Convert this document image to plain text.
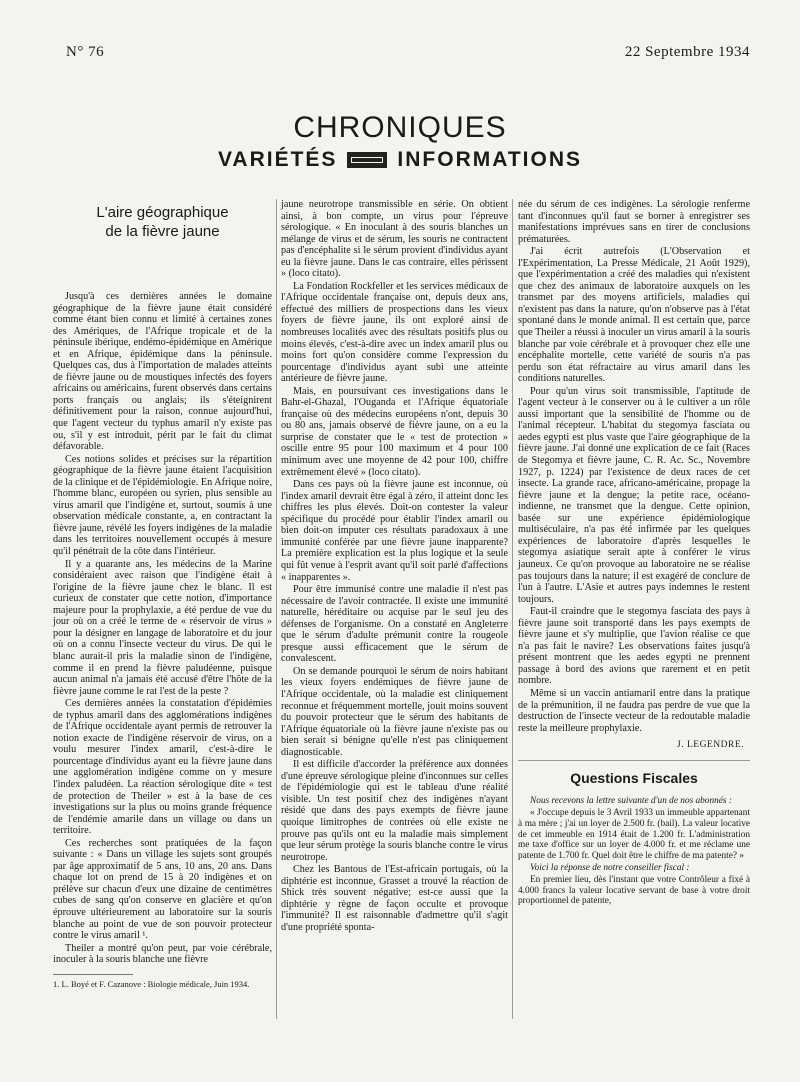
N° 76	22 Septembre 1934
CHRONIQUES
VARIÉTÉS	INFORMATIONS
L'aire géographique
de la fièvre jaune

Jusqu'à ces dernières années le domaine géographique de la fièvre jaune était considéré comme étant bien connu et limité à certaines zones des Amériques, de l'Afrique tropicale et de la péninsule ibérique, endémo-épidémique en Amérique et en Afrique, épidémique dans la péninsule. Quelques cas, dus à l'importation de malades atteints de fièvre jaune ou de moustiques infectés des foyers africains ou américains, furent observés dans certains ports français ou anglais; ils s'éteignirent définitivement pour la raison, connue aujourd'hui, que l'agent vecteur du typhus amaril n'y existe pas ou, s'il y est introduit, périt par le fait du climat défavorable.

Ces notions solides et précises sur la répartition géographique de la fièvre jaune étaient l'acquisition de la clinique et de l'épidémiologie. En Afrique noire, l'homme blanc, européen ou syrien, plus sensible au virus amaril que l'indigène et, surtout, soumis à une observation médicale constante, a, en contractant la fièvre jaune, révélé les foyers indigènes de la maladie dans les territoires nouvellement occupés à mesure qu'il pénétrait de la côte dans l'intérieur.

Il y a quarante ans, les médecins de la Marine considéraient avec raison que l'indigène était à l'origine de la fièvre jaune chez le blanc. Il est curieux de constater que cette notion, d'importance majeure pour la prophylaxie, a été perdue de vue du jour où on a créé le terme de « réservoir de virus » pour la désigner en langage de laboratoire et du jour où on a connu l'insecte vecteur du virus. De qui le blanc aurait-il pris la maladie sinon de l'indigène, comme il en prend la fièvre paludéenne, puisque aucun animal n'a jamais été accusé d'être l'hôte de la fièvre jaune comme le rat l'est de la peste ?

Ces dernières années la constatation d'épidémies de typhus amaril dans des agglomérations indigènes de l'Afrique occidentale ayant permis de retrouver la notion exacte de l'indigène réservoir de virus, on a voulu mesurer l'index amaril, c'est-à-dire le pourcentage d'individus ayant eu la fièvre jaune dans une agglomération indigène comme on y mesure l'index paludéen. La réaction sérologique dite « test de protection de Theiler » est à la base de ces investigations sur la plus ou moins grande fréquence de l'endémie amarile dans un village ou dans un territoire.

Ces recherches sont pratiquées de la façon suivante : « Dans un village les sujets sont groupés par âge approximatif de 5 ans, 10 ans, 20 ans. Dans chaque lot on prend de 15 à 20 indigènes et on prélève sur chacun d'eux une dizaine de centimètres cubes de sang qu'on conserve en glacière et qu'on éprouve ultérieurement au laboratoire sur la souris blanche au point de vue de son pouvoir protecteur contre le virus amaril ¹.

Theiler a montré qu'on peut, par voie cérébrale, inoculer à la souris blanche une fièvre

1. L. Boyé et F. Cazanove : Biologie médicale, Juin 1934.

jaune neurotrope transmissible en série. On obtient ainsi, à bon compte, un virus pour l'épreuve sérologique. « En inoculant à des souris blanches un mélange de virus et de sérum, les souris ne contractent pas d'encéphalite si le sérum provient d'individus ayant eu la fièvre jaune. Dans le cas contraire, elles périssent » (loco citato).

La Fondation Rockfeller et les services médicaux de l'Afrique occidentale française ont, depuis deux ans, effectué des milliers de prospections dans les vieux foyers de fièvre jaune, ils ont exploré ainsi de nombreuses localités avec des résultats positifs plus ou moins élevés, c'est-à-dire avec un index amaril plus ou moins fort qu'on considère comme l'expression du pourcentage d'individus ayant subi une atteinte antérieure de fièvre jaune.

Mais, en poursuivant ces investigations dans le Bahr-el-Ghazal, l'Ouganda et l'Afrique équatoriale française où des médecins européens n'ont, depuis 30 ou 80 ans, jamais observé de fièvre jaune, on a eu la surprise de constater que le « test de protection » oscille entre 95 pour 100 maximum et 4 pour 100 minimum avec une moyenne de 42 pour 100, chiffre extrêmement élevé » (loco citato).

Dans ces pays où la fièvre jaune est inconnue, où l'index amaril devrait être égal à zéro, il atteint donc les chiffres les plus élevés. Doit-on contester la valeur spécifique du procédé pour établir l'index amaril ou bien doit-on imputer ces résultats paradoxaux à une immunité conférée par une fièvre jaune inapparente? La première explication est la plus logique et la seule qui fût venue à l'esprit avant qu'il soit parlé d'affections « inapparentes ».

Pour être immunisé contre une maladie il n'est pas nécessaire de l'avoir contractée. Il existe une immunité naturelle, héréditaire ou acquise par le seul jeu des défenses de l'organisme. On a constaté en Angleterre que le sérum d'adulte prémunit contre la rougeole presque aussi efficacement que le sérum de convalescent.

On se demande pourquoi le sérum de noirs habitant les vieux foyers endémiques de fièvre jaune de l'Afrique occidentale, où la maladie est cliniquement reconnue et fréquemment mortelle, jouit moins souvent du pouvoir protecteur que le sérum des habitants de l'Afrique équatoriale où la fièvre jaune n'existe pas ou bien serait si bénigne qu'elle n'est pas cliniquement diagnosticable.

Il est difficile d'accorder la préférence aux données d'une épreuve sérologique pleine d'inconnues sur celles de l'épidémiologie qui est le tableau d'une réalité visible. Un test positif chez des indigènes n'ayant résidé que dans des pays exempts de fièvre jaune quoique limitrophes de contrées où elle existe ne prouve pas qu'ils ont eu la maladie mais simplement que leur sérum protège la souris blanche contre le virus neurotrope.

Chez les Bantous de l'Est-africain portugais, où la diphtérie est inconnue, Grasset a trouvé la réaction de Shick très souvent négative; est-ce aussi que la diphtérie y règne de façon occulte et provoque l'immunité? Il est raisonnable d'admettre qu'il s'agit d'une propriété sponta-

née du sérum de ces indigènes. La sérologie renferme tant d'inconnues qu'il faut se borner à enregistrer ses manifestations imprévues sans en tirer de conclusions prématurées.

J'ai écrit autrefois (L'Observation et l'Expérimentation, La Presse Médicale, 21 Août 1929), que l'expérimentation a créé des maladies qui n'existent que chez des animaux de laboratoire auxquels on les transmet par des moyens artificiels, maladies qui n'existent pas dans la nature, qu'on n'observe pas à l'état spontané dans le monde animal. Il est certain que, parce que Theiler a réussi à inoculer un virus amaril à la souris blanche par voie cérébrale et à provoquer chez elle une encéphalite mortelle, cette variété de souris n'a pas perdu son état réfractaire au virus amaril dans les conditions naturelles.

Pour qu'un virus soit transmissible, l'aptitude de l'agent vecteur à le conserver ou à le cultiver a un rôle aussi important que la sensibilité de l'homme ou de l'animal récepteur. L'habitat du stegomya fasciata ou aedes egypti est plus vaste que l'aire géographique de la fièvre jaune. J'ai donné une explication de ce fait (Races de Stegomya et fièvre jaune, C. R. Ac. Sc., Novembre 1927, p. 1224) par l'existence de deux races de cet insecte. La grande race, africano-américaine, propage la fièvre jaune et la dengue; la petite race, océano-indienne, ne transmet que la dengue. Cette opinion, basée sur une expérience épidémiologique multiséculaire, n'a pas été infirmée par les quelques expériences de laboratoire d'après lesquelles le stegomya asiatique serait apte à conférer le virus jauneux. Ce qu'on provoque au laboratoire ne se réalise pas toujours dans la nature; il est exagéré de conclure de l'un à l'autre. L'Asie et autres pays indemnes le restent toujours.

Faut-il craindre que le stegomya fasciata des pays à fièvre jaune soit transporté dans les pays exempts de fièvre jaune et s'y multiplie, que l'avion réalise ce que n'a pas fait le navire? Les observations faites jusqu'à présent montrent que les aedes egypti ne prennent passage à bord des avions que rarement et en petit nombre.

Même si un vaccin antiamaril entre dans la pratique de la prémunition, il ne faudra pas perdre de vue que la destruction de l'insecte vecteur de la redoutable maladie reste la meilleure prophylaxie.

J. LEGENDRE.
Questions Fiscales

Nous recevons la lettre suivante d'un de nos abonnés :

« J'occupe depuis le 3 Avril 1933 un immeuble appartenant à ma mère ; j'ai un loyer de 2.500 fr. (bail). La valeur locative de cet immeuble en 1914 était de 1.200 fr. L'administration me taxe d'office sur un loyer de 4.000 fr. et me réclame une patente de 1.700 fr. Quel doit être le chiffre de ma patente? »

Voici la réponse de notre conseiller fiscal :

En premier lieu, dès l'instant que votre Contrôleur a fixé à 4.000 francs la valeur locative servant de base à votre droit proportionnel de patente,
